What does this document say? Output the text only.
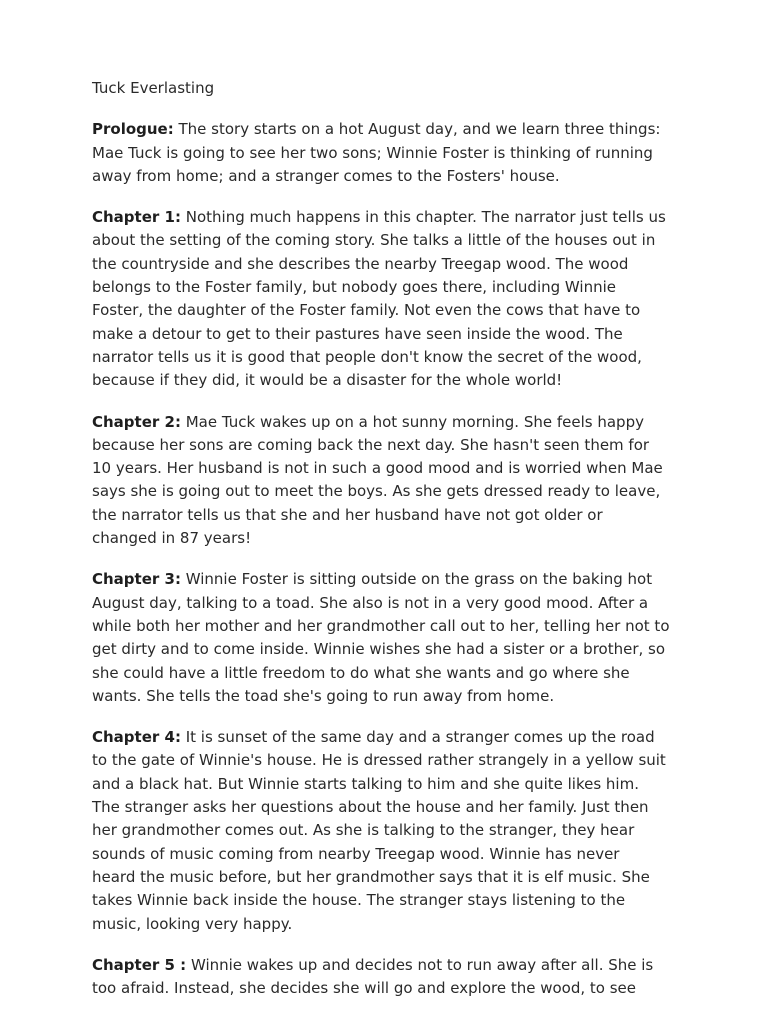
Tuck Everlasting
Prologue: The story starts on a hot August day, and we learn three things:
Mae Tuck is going to see her two sons; Winnie Foster is thinking of running
away from home; and a stranger comes to the Fosters' house.
Chapter 1: Nothing much happens in this chapter. The narrator just tells us
about the setting of the coming story. She talks a little of the houses out in
the countryside and she describes the nearby Treegap wood. The wood
belongs to the Foster family, but nobody goes there, including Winnie
Foster, the daughter of the Foster family. Not even the cows that have to
make a detour to get to their pastures have seen inside the wood. The
narrator tells us it is good that people don't know the secret of the wood,
because if they did, it would be a disaster for the whole world!
Chapter 2: Mae Tuck wakes up on a hot sunny morning. She feels happy
because her sons are coming back the next day. She hasn't seen them for
10 years. Her husband is not in such a good mood and is worried when Mae
says she is going out to meet the boys. As she gets dressed ready to leave,
the narrator tells us that she and her husband have not got older or
changed in 87 years!
Chapter 3: Winnie Foster is sitting outside on the grass on the baking hot
August day, talking to a toad. She also is not in a very good mood. After a
while both her mother and her grandmother call out to her, telling her not to
get dirty and to come inside. Winnie wishes she had a sister or a brother, so
she could have a little freedom to do what she wants and go where she
wants. She tells the toad she's going to run away from home.
Chapter 4: It is sunset of the same day and a stranger comes up the road
to the gate of Winnie's house. He is dressed rather strangely in a yellow suit
and a black hat. But Winnie starts talking to him and she quite likes him.
The stranger asks her questions about the house and her family. Just then
her grandmother comes out. As she is talking to the stranger, they hear
sounds of music coming from nearby Treegap wood. Winnie has never
heard the music before, but her grandmother says that it is elf music. She
takes Winnie back inside the house. The stranger stays listening to the
music, looking very happy.
Chapter 5 : Winnie wakes up and decides not to run away after all. She is
too afraid. Instead, she decides she will go and explore the wood, to see
